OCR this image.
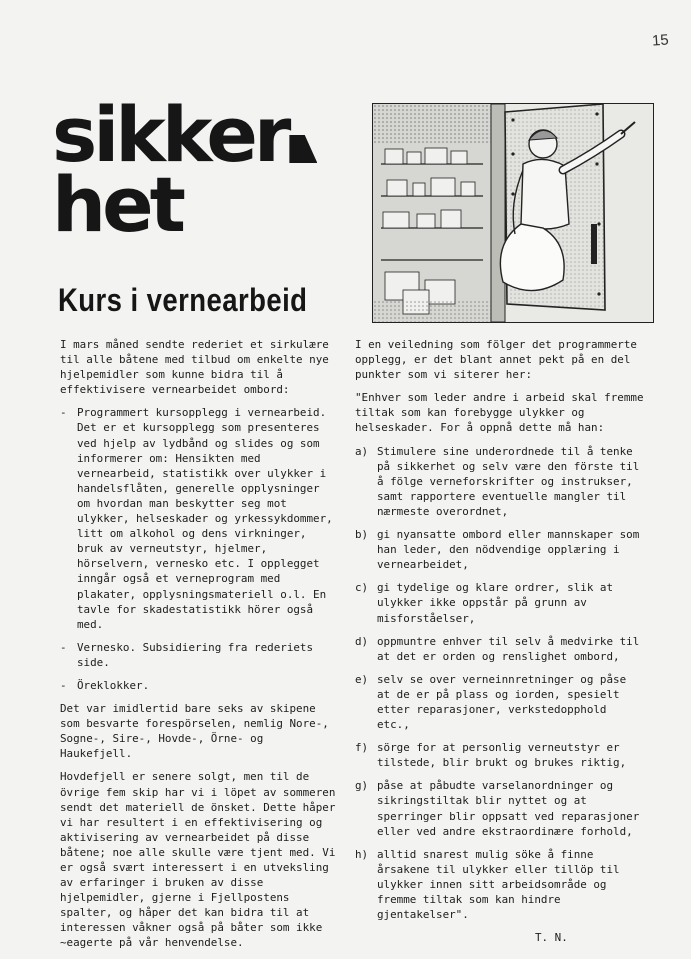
15
sikker
het
Kurs i vernearbeid

I mars måned sendte rederiet et sirkulære til alle båtene med tilbud om enkelte nye hjelpemidler som kunne bidra til å effektivisere vernearbeidet ombord:

- Programmert kursopplegg i vernearbeid. Det er et kursopplegg som presenteres ved hjelp av lydbånd og slides og som informerer om: Hensikten med vernearbeid, statistikk over ulykker i handelsflåten, generelle opplysninger om hvordan man beskytter seg mot ulykker, helseskader og yrkessykdommer, litt om alkohol og dens virkninger, bruk av verneutstyr, hjelmer, hörselvern, vernesko etc. I opplegget inngår også et verneprogram med plakater, opplysningsmateriell o.l. En tavle for skadestatistikk hörer også med.
- Vernesko. Subsidiering fra rederiets side.
- Öreklokker.

Det var imidlertid bare seks av skipene som besvarte forespörselen, nemlig Nore-, Sogne-, Sire-, Hovde-, Örne- og Haukefjell.

Hovdefjell er senere solgt, men til de övrige fem skip har vi i löpet av sommeren sendt det materiell de önsket. Dette håper vi har resultert i en effektivisering og aktivisering av vernearbeidet på disse båtene; noe alle skulle være tjent med. Vi er også svært interessert i en utveksling av erfaringer i bruken av disse hjelpemidler, gjerne i Fjellpostens spalter, og håper det kan bidra til at interessen våkner også på båter som ikke ~eagerte på vår henvendelse.

I en veiledning som fölger det programmerte opplegg, er det blant annet pekt på en del punkter som vi siterer her:

"Enhver som leder andre i arbeid skal fremme tiltak som kan forebygge ulykker og helseskader. For å oppnå dette må han:

a) Stimulere sine underordnede til å tenke på sikkerhet og selv være den förste til å fölge verneforskrifter og instrukser, samt rapportere eventuelle mangler til nærmeste overordnet,
b) gi nyansatte ombord eller mannskaper som han leder, den nödvendige opplæring i vernearbeidet,
c) gi tydelige og klare ordrer, slik at ulykker ikke oppstår på grunn av misforståelser,
d) oppmuntre enhver til selv å medvirke til at det er orden og renslighet ombord,
e) selv se over verneinnretninger og påse at de er på plass og iorden, spesielt etter reparasjoner, verkstedopphold etc.,
f) sörge for at personlig verneutstyr er tilstede, blir brukt og brukes riktig,
g) påse at påbudte varselanordninger og sikringstiltak blir nyttet og at sperringer blir oppsatt ved reparasjoner eller ved andre ekstraordinære forhold,
h) alltid snarest mulig söke å finne årsakene til ulykker eller tillöp til ulykker innen sitt arbeidsområde og fremme tiltak som kan hindre gjentakelser".
T. N.
